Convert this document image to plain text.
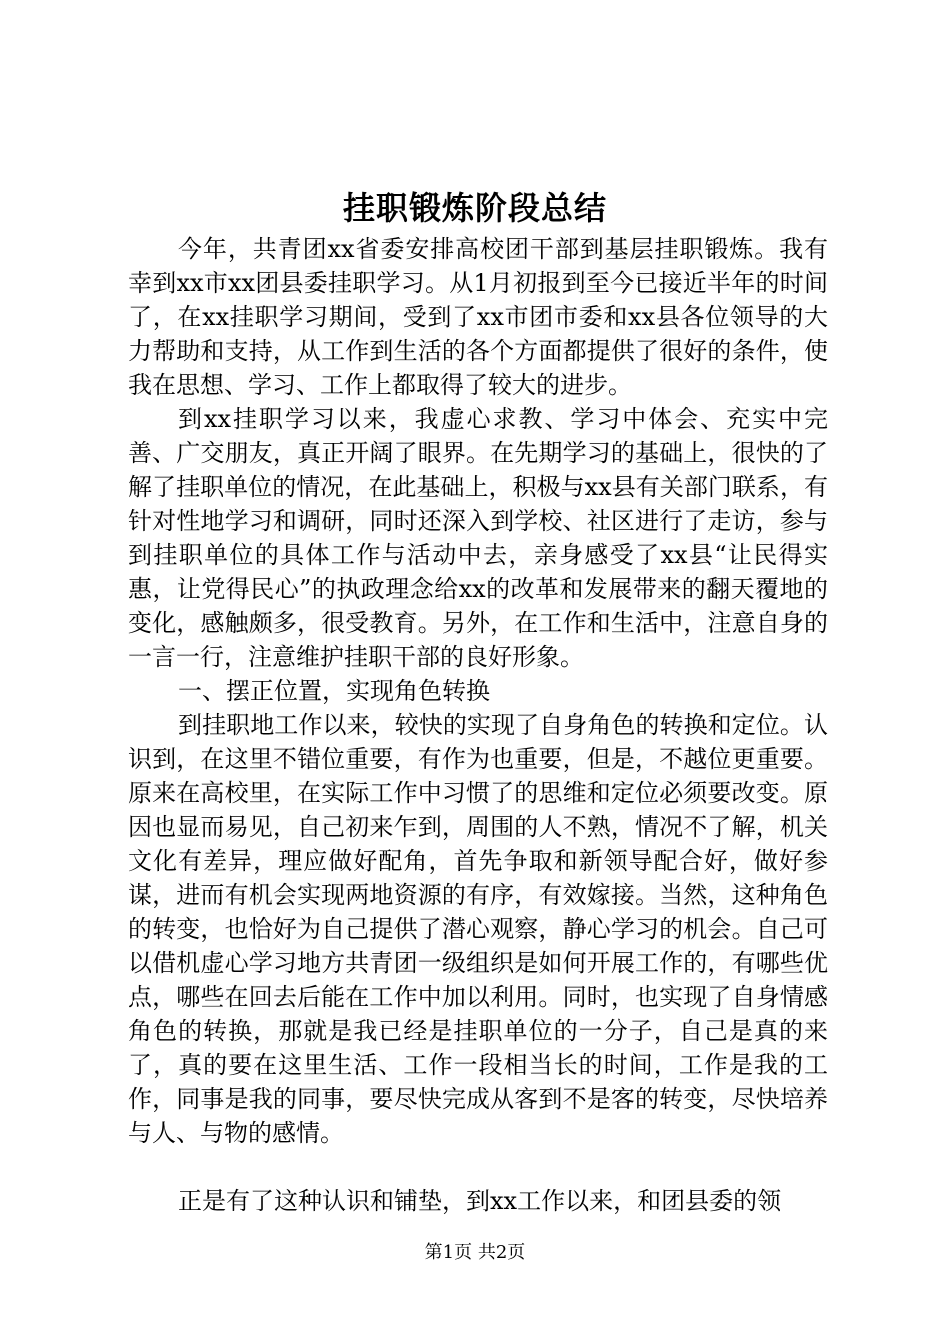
挂职锻炼阶段总结

今年，共青团xx省委安排高校团干部到基层挂职锻炼。我有幸到xx市xx团县委挂职学习。从1月初报到至今已接近半年的时间了，在xx挂职学习期间，受到了xx市团市委和xx县各位领导的大力帮助和支持，从工作到生活的各个方面都提供了很好的条件，使我在思想、学习、工作上都取得了较大的进步。

到xx挂职学习以来，我虚心求教、学习中体会、充实中完善、广交朋友，真正开阔了眼界。在先期学习的基础上，很快的了解了挂职单位的情况，在此基础上，积极与xx县有关部门联系，有针对性地学习和调研，同时还深入到学校、社区进行了走访，参与到挂职单位的具体工作与活动中去，亲身感受了xx县“让民得实惠，让党得民心”的执政理念给xx的改革和发展带来的翻天覆地的变化，感触颇多，很受教育。另外，在工作和生活中，注意自身的一言一行，注意维护挂职干部的良好形象。

一、摆正位置，实现角色转换

到挂职地工作以来，较快的实现了自身角色的转换和定位。认识到，在这里不错位重要，有作为也重要，但是，不越位更重要。原来在高校里，在实际工作中习惯了的思维和定位必须要改变。原因也显而易见，自己初来乍到，周围的人不熟，情况不了解，机关文化有差异，理应做好配角，首先争取和新领导配合好，做好参谋，进而有机会实现两地资源的有序，有效嫁接。当然，这种角色的转变，也恰好为自己提供了潜心观察，静心学习的机会。自己可以借机虚心学习地方共青团一级组织是如何开展工作的，有哪些优点，哪些在回去后能在工作中加以利用。同时，也实现了自身情感角色的转换，那就是我已经是挂职单位的一分子，自己是真的来了，真的要在这里生活、工作一段相当长的时间，工作是我的工作，同事是我的同事，要尽快完成从客到不是客的转变，尽快培养与人、与物的感情。

正是有了这种认识和铺垫，到xx工作以来，和团县委的领

第1页 共2页
